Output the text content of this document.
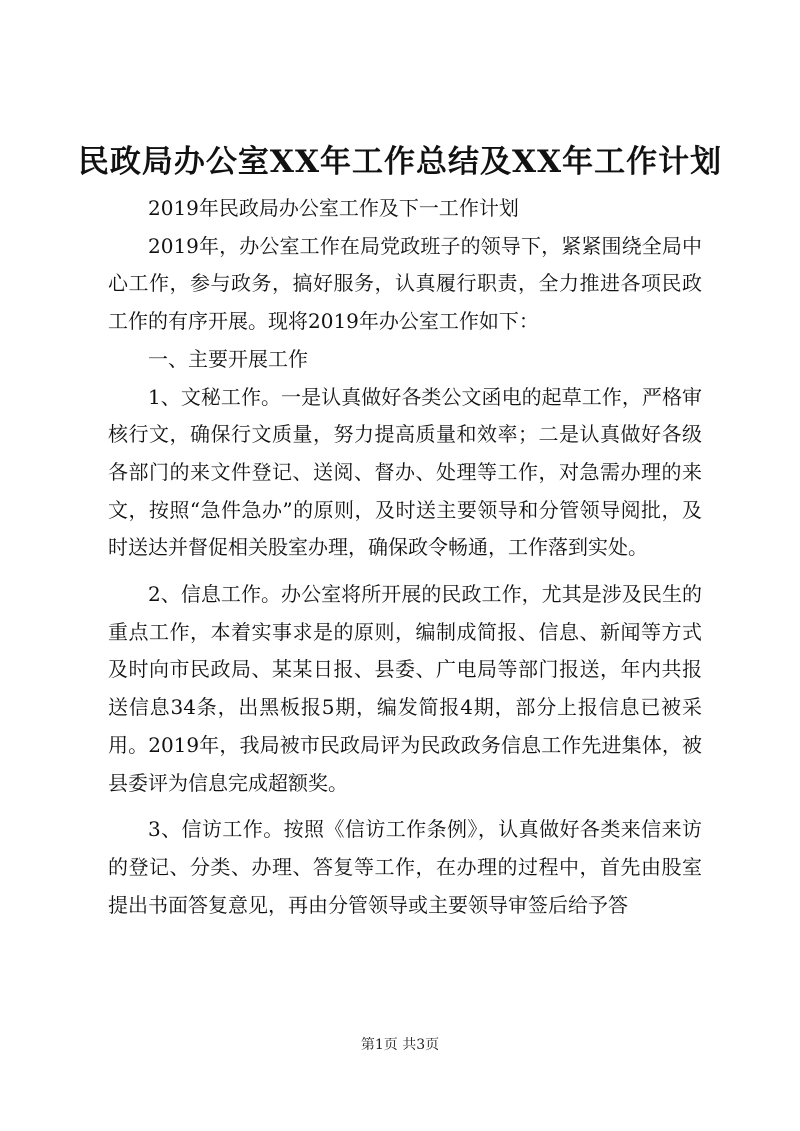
民政局办公室XX年工作总结及XX年工作计划

2019年民政局办公室工作及下一工作计划

2019年，办公室工作在局党政班子的领导下，紧紧围绕全局中心工作，参与政务，搞好服务，认真履行职责，全力推进各项民政工作的有序开展。现将2019年办公室工作如下：

一、主要开展工作

1、文秘工作。一是认真做好各类公文函电的起草工作，严格审核行文，确保行文质量，努力提高质量和效率；二是认真做好各级各部门的来文件登记、送阅、督办、处理等工作，对急需办理的来文，按照“急件急办”的原则，及时送主要领导和分管领导阅批，及时送达并督促相关股室办理，确保政令畅通，工作落到实处。

2、信息工作。办公室将所开展的民政工作，尤其是涉及民生的重点工作，本着实事求是的原则，编制成简报、信息、新闻等方式及时向市民政局、某某日报、县委、广电局等部门报送，年内共报送信息34条，出黑板报5期，编发简报4期，部分上报信息已被采用。2019年，我局被市民政局评为民政政务信息工作先进集体，被县委评为信息完成超额奖。

3、信访工作。按照《信访工作条例》，认真做好各类来信来访的登记、分类、办理、答复等工作，在办理的过程中，首先由股室提出书面答复意见，再由分管领导或主要领导审签后给予答

第1页 共3页
